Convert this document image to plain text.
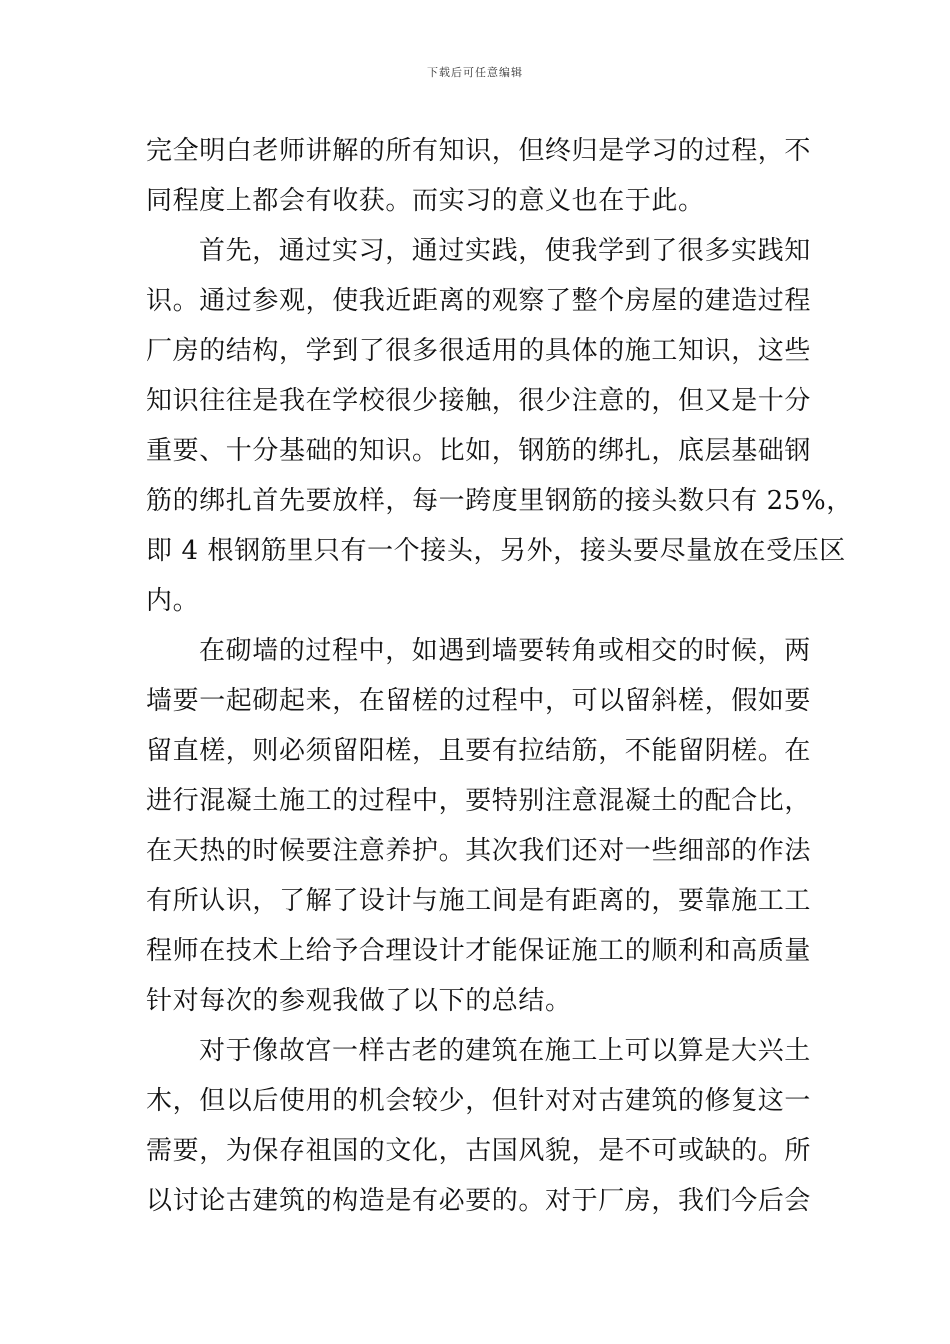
下载后可任意编辑
完全明白老师讲解的所有知识，但终归是学习的过程，不
同程度上都会有收获。而实习的意义也在于此。
首先，通过实习，通过实践，使我学到了很多实践知
识。通过参观，使我近距离的观察了整个房屋的建造过程
厂房的结构，学到了很多很适用的具体的施工知识，这些
知识往往是我在学校很少接触，很少注意的，但又是十分
重要、十分基础的知识。比如，钢筋的绑扎，底层基础钢
筋的绑扎首先要放样，每一跨度里钢筋的接头数只有 25%，
即 4 根钢筋里只有一个接头，另外，接头要尽量放在受压区
内。
在砌墙的过程中，如遇到墙要转角或相交的时候，两
墙要一起砌起来，在留槎的过程中，可以留斜槎，假如要
留直槎，则必须留阳槎，且要有拉结筋，不能留阴槎。在
进行混凝土施工的过程中，要特别注意混凝土的配合比，
在天热的时候要注意养护。其次我们还对一些细部的作法
有所认识，了解了设计与施工间是有距离的，要靠施工工
程师在技术上给予合理设计才能保证施工的顺利和高质量
针对每次的参观我做了以下的总结。
对于像故宫一样古老的建筑在施工上可以算是大兴土
木，但以后使用的机会较少，但针对对古建筑的修复这一
需要，为保存祖国的文化，古国风貌，是不可或缺的。所
以讨论古建筑的构造是有必要的。对于厂房，我们今后会
